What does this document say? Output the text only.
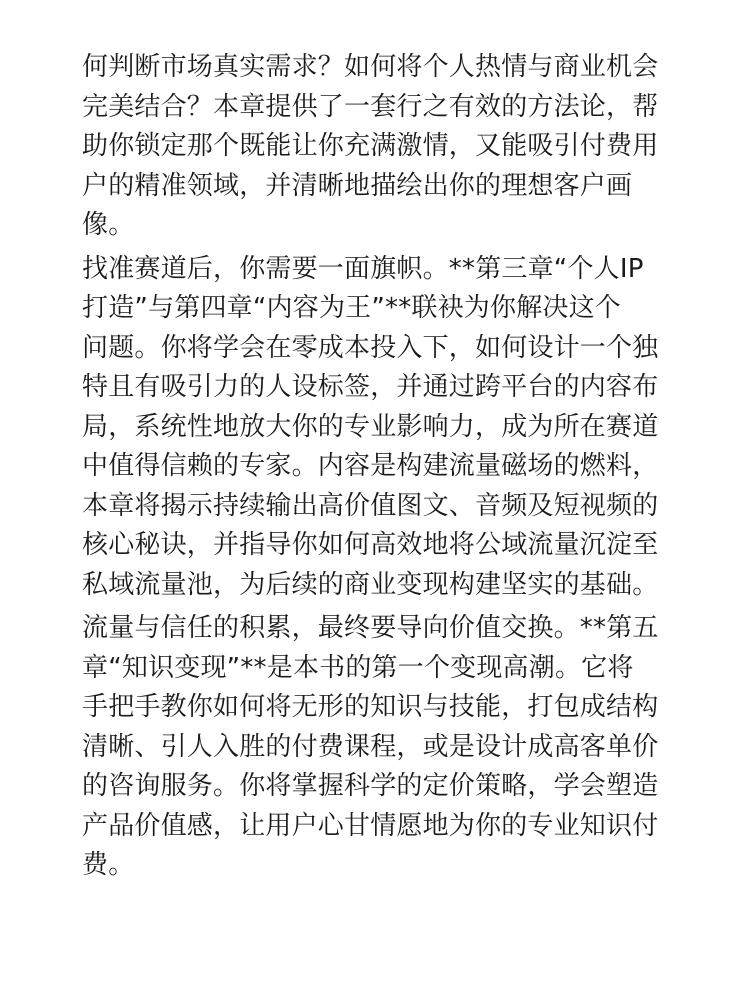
何判断市场真实需求？如何将个人热情与商业机会
完美结合？本章提供了一套行之有效的方法论，帮
助你锁定那个既能让你充满激情，又能吸引付费用
户的精准领域，并清晰地描绘出你的理想客户画
像。

找准赛道后，你需要一面旗帜。**第三章“个人IP
打造”与第四章“内容为王”**联袂为你解决这个
问题。你将学会在零成本投入下，如何设计一个独
特且有吸引力的人设标签，并通过跨平台的内容布
局，系统性地放大你的专业影响力，成为所在赛道
中值得信赖的专家。内容是构建流量磁场的燃料，
本章将揭示持续输出高价值图文、音频及短视频的
核心秘诀，并指导你如何高效地将公域流量沉淀至
私域流量池，为后续的商业变现构建坚实的基础。

流量与信任的积累，最终要导向价值交换。**第五
章“知识变现”**是本书的第一个变现高潮。它将
手把手教你如何将无形的知识与技能，打包成结构
清晰、引人入胜的付费课程，或是设计成高客单价
的咨询服务。你将掌握科学的定价策略，学会塑造
产品价值感，让用户心甘情愿地为你的专业知识付
费。
